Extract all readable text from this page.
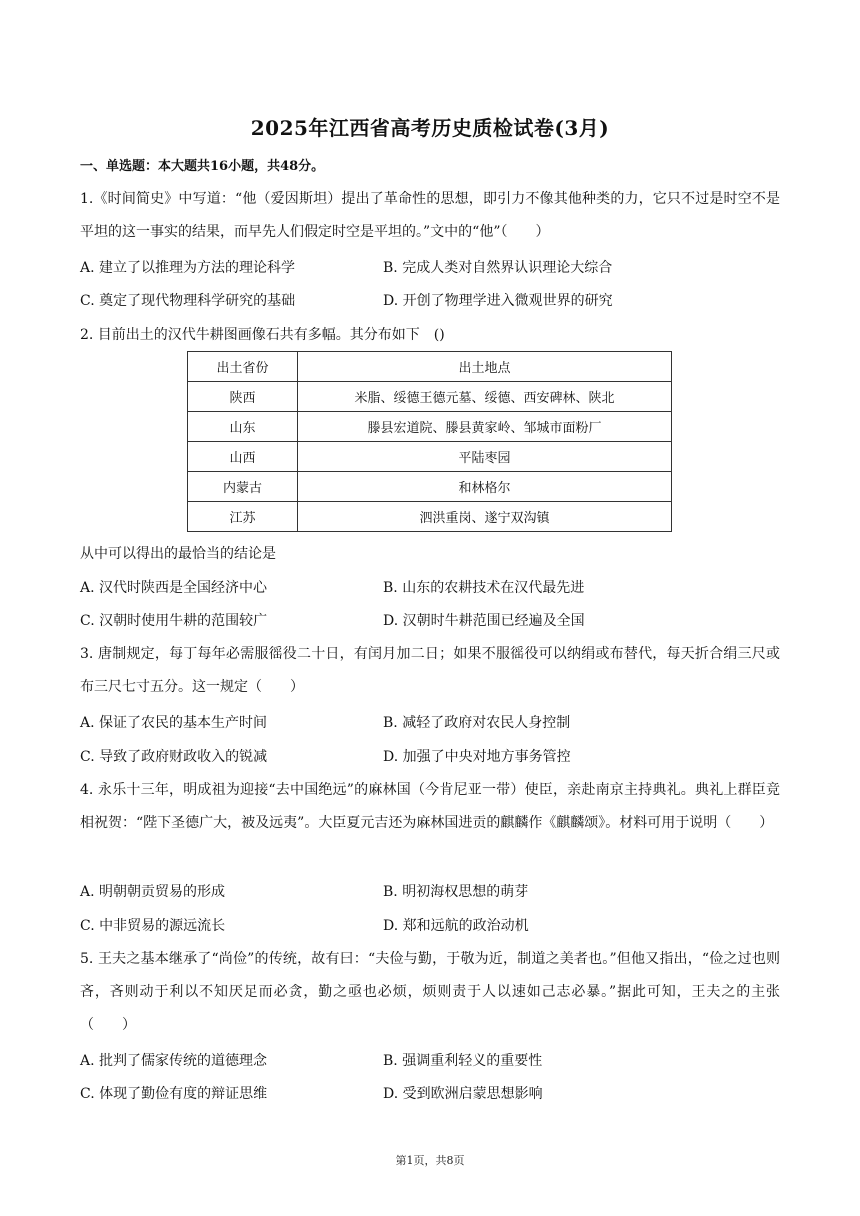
2025年江西省高考历史质检试卷(3月)
一、单选题：本大题共16小题，共48分。
1.《时间简史》中写道：“他（爱因斯坦）提出了革命性的思想，即引力不像其他种类的力，它只不过是时空不是平坦的这一事实的结果，而早先人们假定时空是平坦的。”文中的“他”（　　）
A. 建立了以推理为方法的理论科学	B. 完成人类对自然界认识理论大综合
C. 奠定了现代物理科学研究的基础	D. 开创了物理学进入微观世界的研究
2. 目前出土的汉代牛耕图画像石共有多幅。其分布如下　()
出土省份	出土地点
陕西	米脂、绥德王德元墓、绥德、西安碑林、陕北
山东	滕县宏道院、滕县黄家岭、邹城市面粉厂
山西	平陆枣园
内蒙古	和林格尔
江苏	泗洪重岗、遂宁双沟镇
从中可以得出的最恰当的结论是
A. 汉代时陕西是全国经济中心	B. 山东的农耕技术在汉代最先进
C. 汉朝时使用牛耕的范围较广	D. 汉朝时牛耕范围已经遍及全国
3. 唐制规定，每丁每年必需服徭役二十日，有闰月加二日；如果不服徭役可以纳绢或布替代，每天折合绢三尺或布三尺七寸五分。这一规定（　　）
A. 保证了农民的基本生产时间	B. 减轻了政府对农民人身控制
C. 导致了政府财政收入的锐减	D. 加强了中央对地方事务管控
4. 永乐十三年，明成祖为迎接“去中国绝远”的麻林国（今肯尼亚一带）使臣，亲赴南京主持典礼。典礼上群臣竞相祝贺：“陛下圣德广大，被及远夷”。大臣夏元吉还为麻林国进贡的麒麟作《麒麟颂》。材料可用于说明（　　）
A. 明朝朝贡贸易的形成	B. 明初海权思想的萌芽
C. 中非贸易的源远流长	D. 郑和远航的政治动机
5. 王夫之基本继承了“尚俭”的传统，故有曰：“夫俭与勤，于敬为近，制道之美者也。”但他又指出，“俭之过也则吝，吝则动于利以不知厌足而必贪，勤之亟也必烦，烦则责于人以速如己志必暴。”据此可知，王夫之的主张（　　）
A. 批判了儒家传统的道德理念	B. 强调重利轻义的重要性
C. 体现了勤俭有度的辩证思维	D. 受到欧洲启蒙思想影响
第1页，共8页
